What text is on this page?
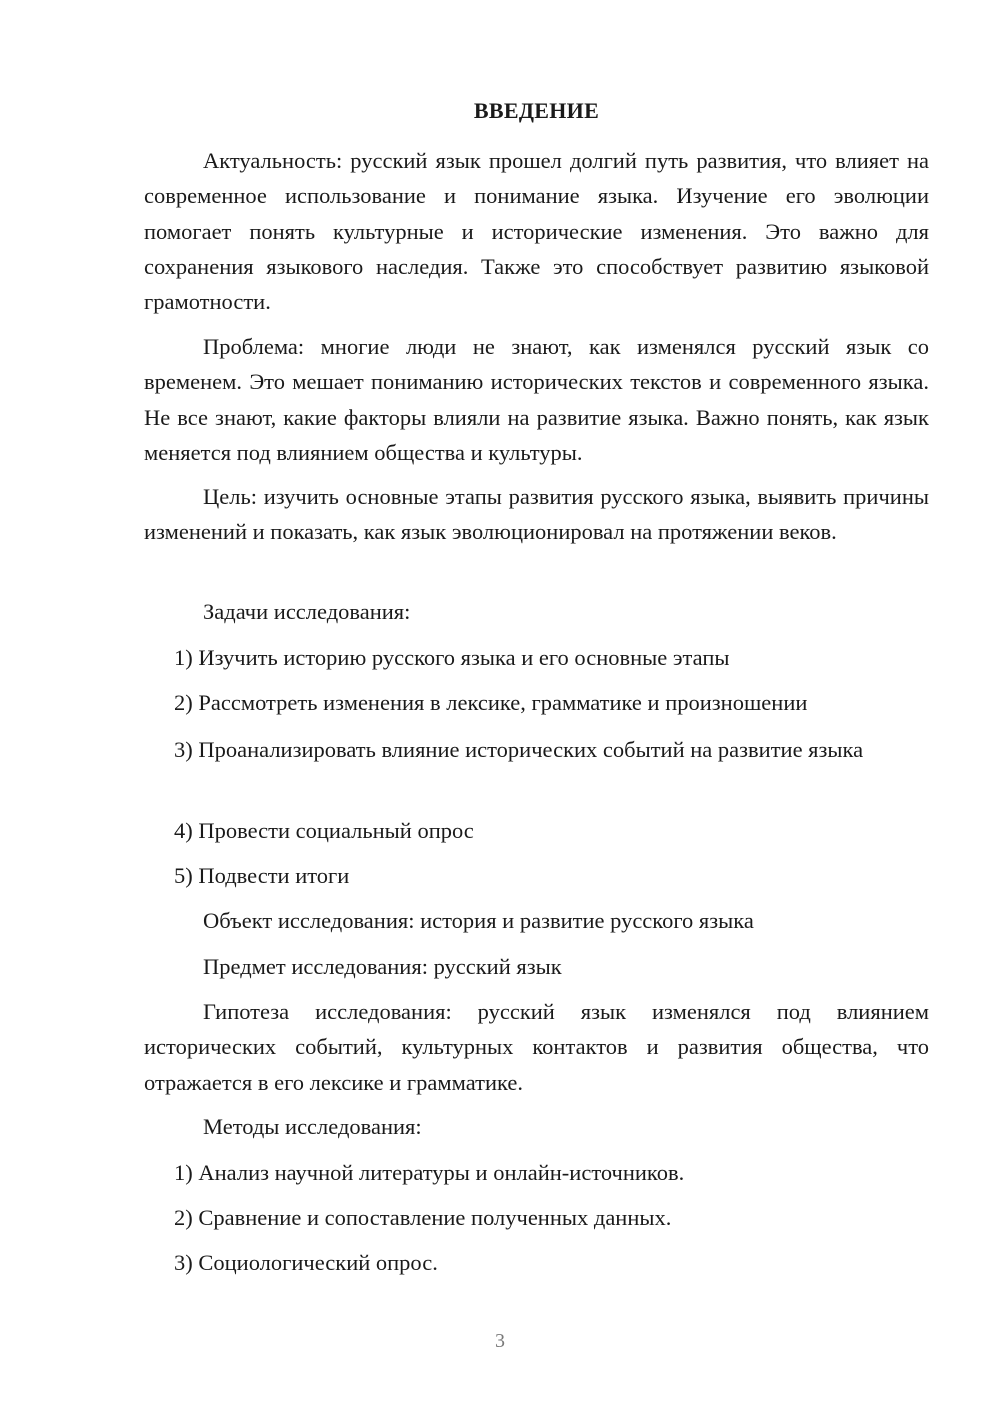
ВВЕДЕНИЕ

Актуальность: русский язык прошел долгий путь развития, что влияет на современное использование и понимание языка. Изучение его эволюции помогает понять культурные и исторические изменения. Это важно для сохранения языкового наследия. Также это способствует развитию языковой грамотности.

Проблема: многие люди не знают, как изменялся русский язык со временем. Это мешает пониманию исторических текстов и современного языка. Не все знают, какие факторы влияли на развитие языка. Важно понять, как язык меняется под влиянием общества и культуры.

Цель: изучить основные этапы развития русского языка, выявить причины изменений и показать, как язык эволюционировал на протяжении веков.

Задачи исследования:
1) Изучить историю русского языка и его основные этапы
2) Рассмотреть изменения в лексике, грамматике и произношении

3) Проанализировать влияние исторических событий на развитие языка

4) Провести социальный опрос
5) Подвести итоги
Объект исследования: история и развитие русского языка
Предмет исследования: русский язык

Гипотеза исследования: русский язык изменялся под влиянием исторических событий, культурных контактов и развития общества, что отражается в его лексике и грамматике.

Методы исследования:
1) Анализ научной литературы и онлайн-источников.
2) Сравнение и сопоставление полученных данных.
3) Социологический опрос.
3
